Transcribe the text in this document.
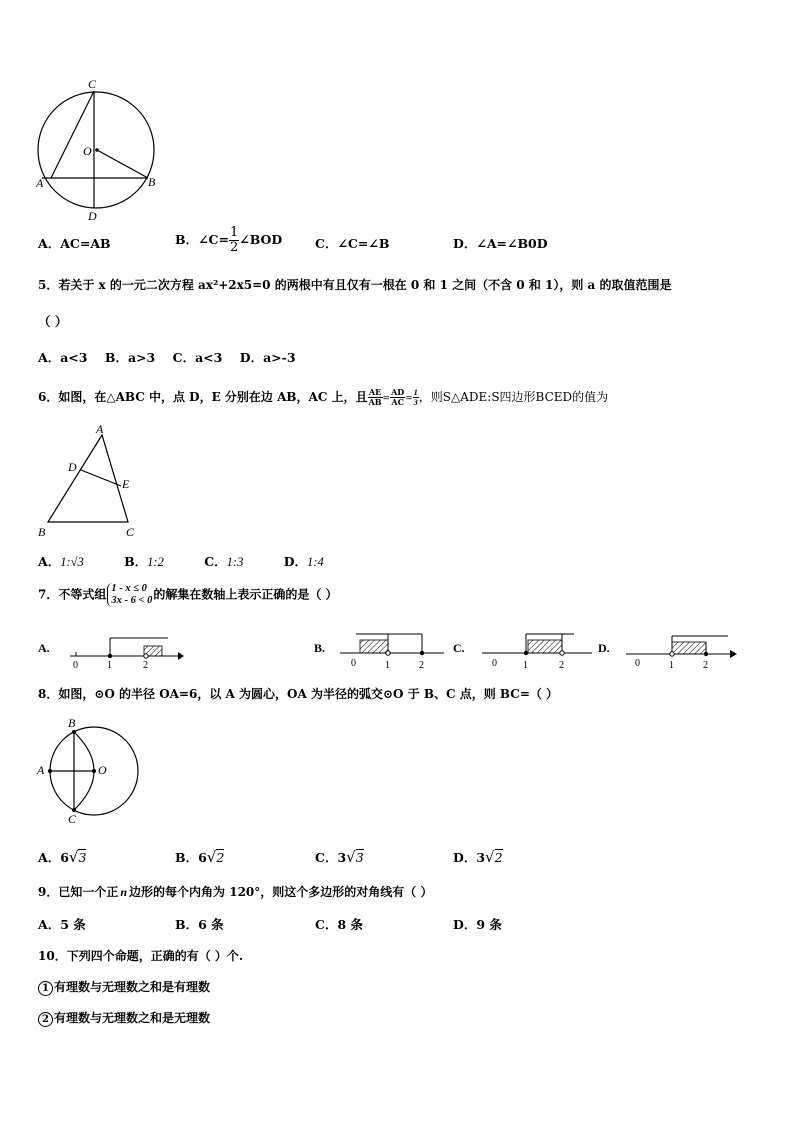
C
O
A	B
D
A．AC=AB	B．∠C= $\frac{1}{2}$ ∠BOD	C．∠C=∠B	D．∠A=∠B0D
5．若关于 x 的一元二次方程 ax²+2x5=0 的两根中有且仅有一根在 0 和 1 之间（不含 0 和 1），则 a 的取值范围是
（ ）
A．a<3    B．a>3    C．a<3    D．a>-3
6．如图，在△ABC 中，点 D，E 分别在边 AB，AC 上，且 $\frac{AE}{AB} = \frac{AD}{AC} = \frac{1}{3}$ ，则S△ADE:S四边形BCED的值为
A
D
E
B	C
A．1:√3	B．1:2	C．1:3	D．1:4
7．不等式组 1 - x ≤ 0
3x - 6 < 0 的解集在数轴上表示正确的是（ ）
A.
0	1	2
B.
0	1	2
C.
0	1	2
D.
0	1	2
8．如图，⊙O 的半径 OA=6，以 A 为圆心，OA 为半径的弧交⊙O 于 B、C 点，则 BC=（ ）
B
A	O
C
A．6√3	B．6√2	C．3√3	D．3√2
9．已知一个正 n 边形的每个内角为 120°，则这个多边形的对角线有（ ）
A．5 条	B．6 条	C．8 条	D．9 条
10．下列四个命题，正确的有（ ）个.
1 有理数与无理数之和是有理数
2 有理数与无理数之和是无理数
